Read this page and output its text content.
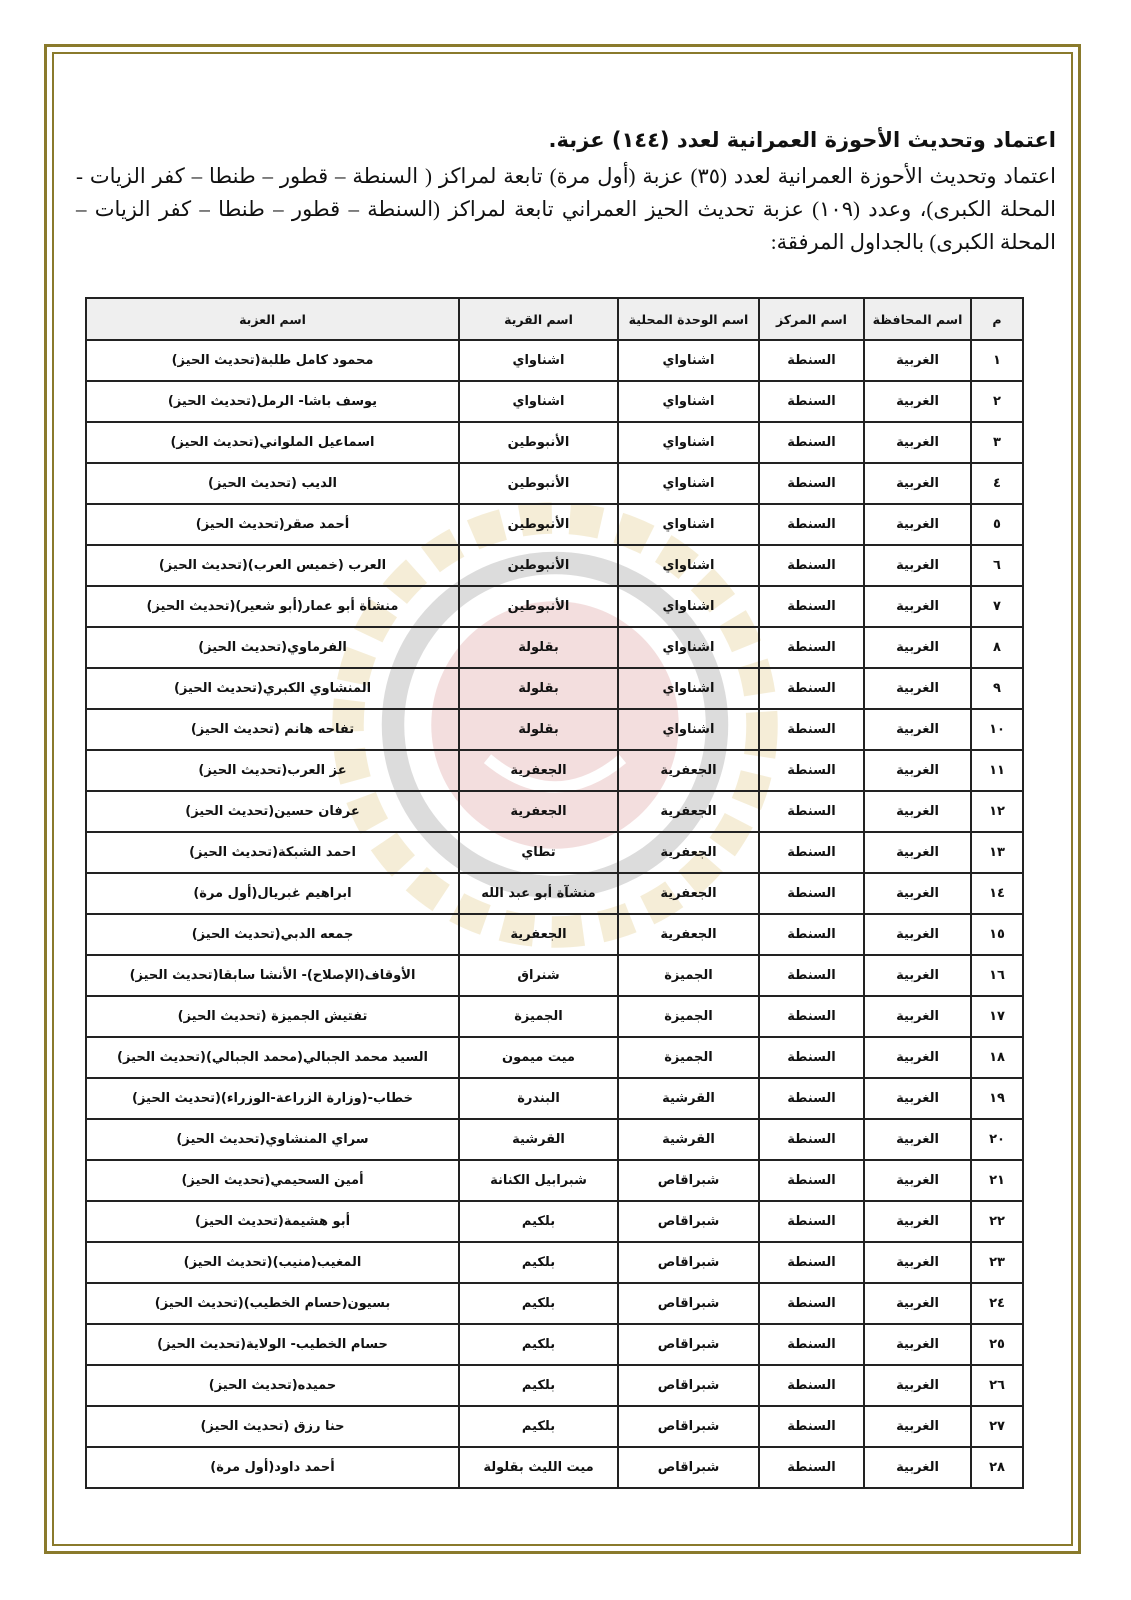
اعتماد وتحديث الأحوزة العمرانية لعدد (١٤٤) عزبة.

اعتماد وتحديث الأحوزة العمرانية لعدد (٣٥) عزبة (أول مرة) تابعة لمراكز ( السنطة – قطور – طنطا – كفر الزيات - المحلة الكبرى)، وعدد (١٠٩) عزبة تحديث الحيز العمراني تابعة لمراكز (السنطة – قطور – طنطا – كفر الزيات – المحلة الكبرى) بالجداول المرفقة:

م	اسم المحافظة	اسم المركز	اسم الوحدة المحلية	اسم القرية	اسم العزبة
١	الغربية	السنطة	اشناواي	اشناواي	محمود كامل طلبة(تحديث الحيز)
٢	الغربية	السنطة	اشناواي	اشناواي	يوسف باشا- الرمل(تحديث الحيز)
٣	الغربية	السنطة	اشناواي	الأنبوطين	اسماعيل الملواني(تحديث الحيز)
٤	الغربية	السنطة	اشناواي	الأنبوطين	الديب (تحديث الحيز)
٥	الغربية	السنطة	اشناواي	الأنبوطين	أحمد صقر(تحديث الحيز)
٦	الغربية	السنطة	اشناواي	الأنبوطين	العرب (خميس العرب)(تحديث الحيز)
٧	الغربية	السنطة	اشناواي	الأنبوطين	منشأة أبو عمار(أبو شعير)(تحديث الحيز)
٨	الغربية	السنطة	اشناواي	بقلولة	الفرماوي(تحديث الحيز)
٩	الغربية	السنطة	اشناواي	بقلولة	المنشاوي الكبري(تحديث الحيز)
١٠	الغربية	السنطة	اشناواي	بقلولة	تفاحه هانم (تحديث الحيز)
١١	الغربية	السنطة	الجعفرية	الجعفرية	عز العرب(تحديث الحيز)
١٢	الغربية	السنطة	الجعفرية	الجعفرية	عرفان حسين(تحديث الحيز)
١٣	الغربية	السنطة	الجعفرية	تطاي	احمد الشبكة(تحديث الحيز)
١٤	الغربية	السنطة	الجعفرية	منشآة أبو عبد الله	ابراهيم غبريال(أول مرة)
١٥	الغربية	السنطة	الجعفرية	الجعفرية	جمعه الدبي(تحديث الحيز)
١٦	الغربية	السنطة	الجميزة	شنراق	الأوقاف(الإصلاح)- الأنشا سابقا(تحديث الحيز)
١٧	الغربية	السنطة	الجميزة	الجميزة	تفتيش الجميزة (تحديث الحيز)
١٨	الغربية	السنطة	الجميزة	ميت ميمون	السيد محمد الجبالي(محمد الجبالي)(تحديث الحيز)
١٩	الغربية	السنطة	القرشية	البندرة	خطاب-(وزارة الزراعة-الوزراء)(تحديث الحيز)
٢٠	الغربية	السنطة	القرشية	القرشية	سراي المنشاوي(تحديث الحيز)
٢١	الغربية	السنطة	شبراقاص	شبرابيل الكنانة	أمين السحيمي(تحديث الحيز)
٢٢	الغربية	السنطة	شبراقاص	بلكيم	أبو هشيمة(تحديث الحيز)
٢٣	الغربية	السنطة	شبراقاص	بلكيم	المغيب(منيب)(تحديث الحيز)
٢٤	الغربية	السنطة	شبراقاص	بلكيم	بسيون(حسام الخطيب)(تحديث الحيز)
٢٥	الغربية	السنطة	شبراقاص	بلكيم	حسام الخطيب- الولاية(تحديث الحيز)
٢٦	الغربية	السنطة	شبراقاص	بلكيم	حميده(تحديث الحيز)
٢٧	الغربية	السنطة	شبراقاص	بلكيم	حنا رزق (تحديث الحيز)
٢٨	الغربية	السنطة	شبراقاص	ميت الليث بقلولة	أحمد داود(أول مرة)
